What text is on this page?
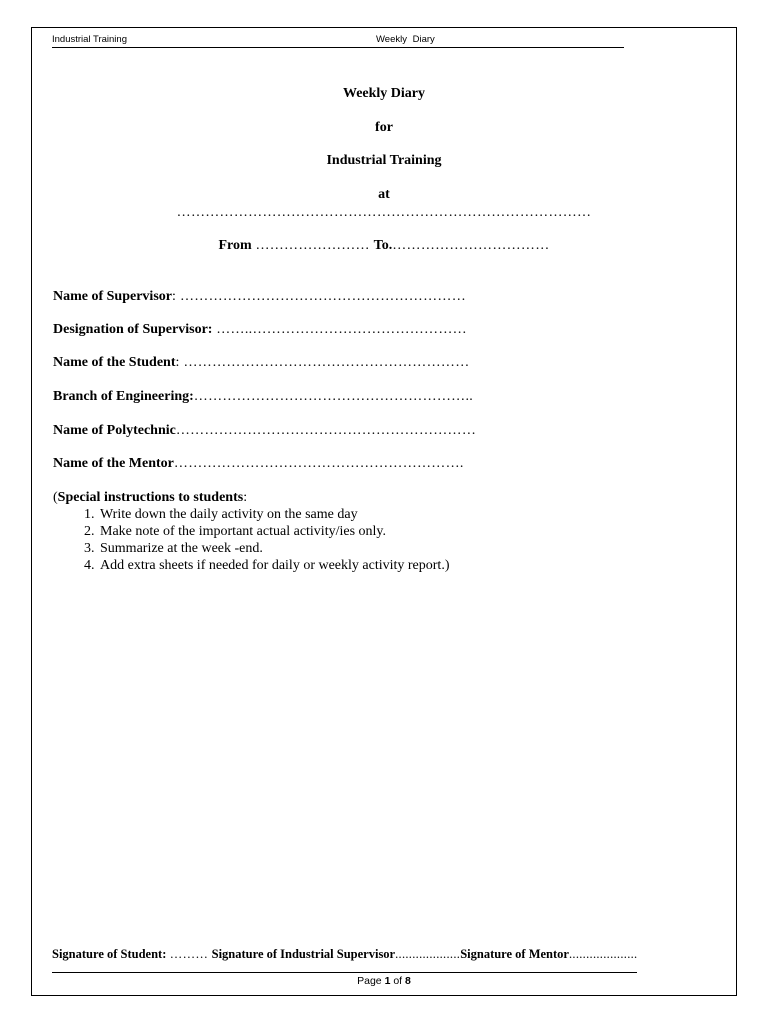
Industrial Training	Weekly Diary
Weekly Diary
for
Industrial Training
at
……………………………………………………………………………
From …………………… To.……………………………
Name of Supervisor: ……………………………………………………
Designation of Supervisor: ……..………………………………………
Name of the Student: ……………………………………………………
Branch of Engineering:…………………………………………………..
Name of Polytechnic………………………………………………………
Name of the Mentor…………………………………………………….
(Special instructions to students:
1. Write down the daily activity on the same day
2. Make note of the important actual activity/ies only.
3. Summarize at the week -end.
4. Add extra sheets if needed for daily or weekly activity report.)
Signature of Student: ……… Signature of Industrial Supervisor...................Signature of Mentor....................
Page 1 of 8
